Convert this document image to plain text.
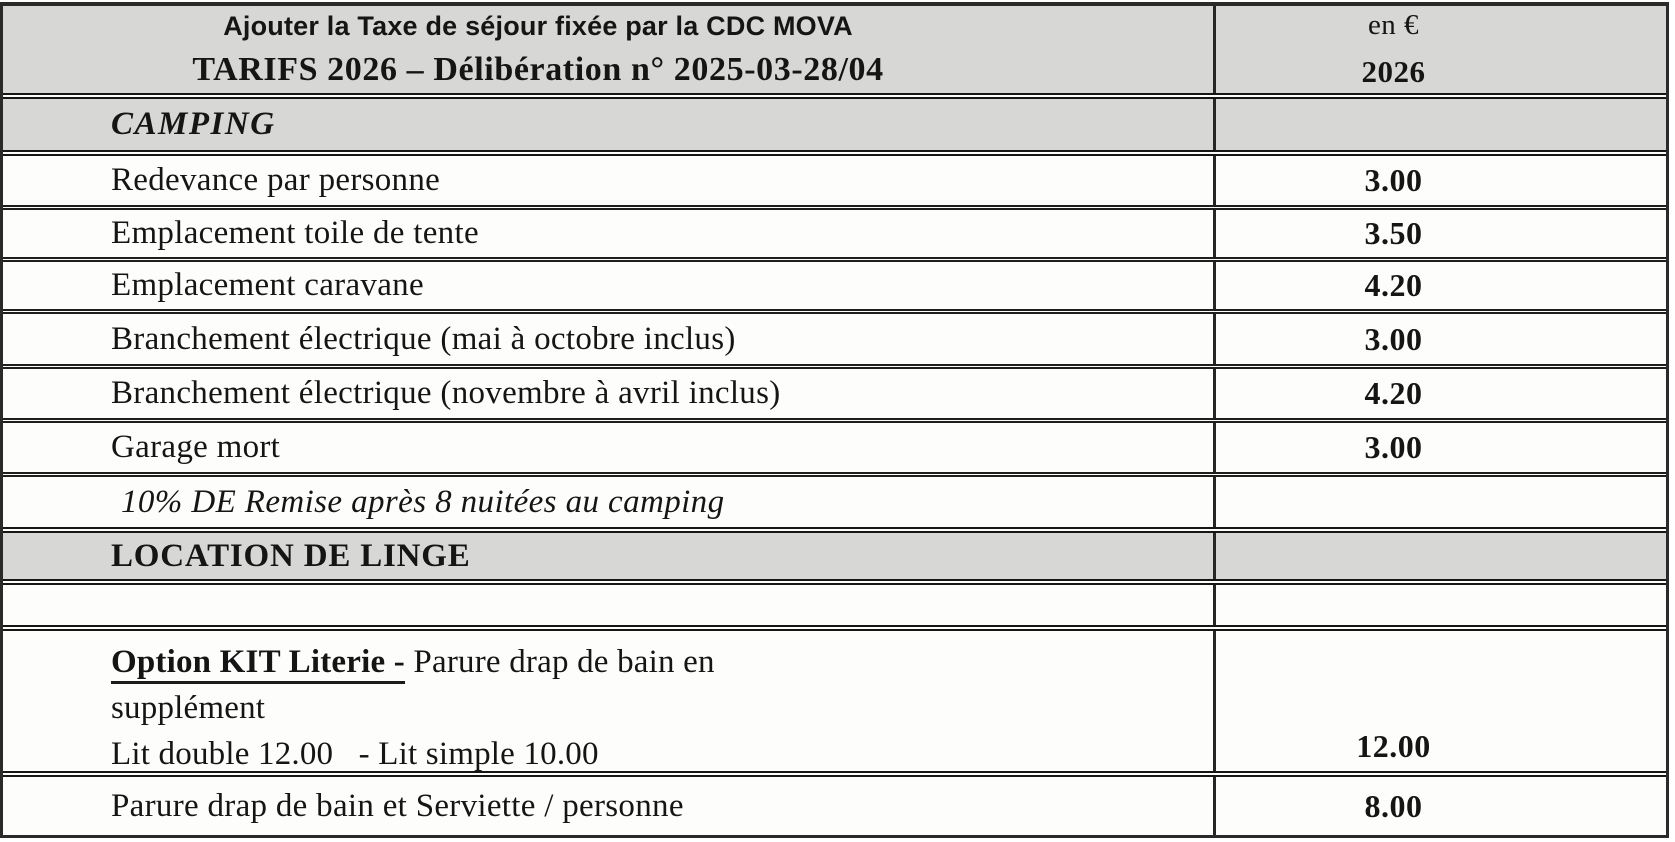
Ajouter la Taxe de séjour fixée par la CDC MOVA
TARIFS 2026 – Délibération n° 2025-03-28/04
en €
2026
CAMPING
Redevance par personne	3.00
Emplacement toile de tente	3.50
Emplacement caravane	4.20
Branchement électrique (mai à octobre inclus)	3.00
Branchement électrique (novembre à avril inclus)	4.20
Garage mort	3.00
10% DE Remise après 8 nuitées au camping
LOCATION DE LINGE
Option KIT Literie - Parure drap de bain en
supplément
Lit double 12.00   - Lit simple 10.00	12.00
Parure drap de bain et Serviette / personne	8.00
